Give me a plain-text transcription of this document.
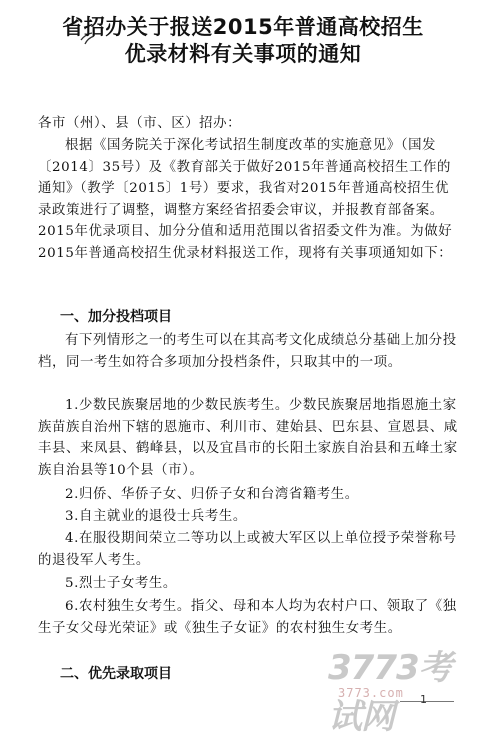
省招办关于报送2015年普通高校招生
优录材料有关事项的通知
各市（州）、县（市、区）招办：
根据《国务院关于深化考试招生制度改革的实施意见》（国发〔2014〕35号）及《教育部关于做好2015年普通高校招生工作的通知》（教学〔2015〕1号）要求，我省对2015年普通高校招生优录政策进行了调整，调整方案经省招委会审议，并报教育部备案。2015年优录项目、加分分值和适用范围以省招委文件为准。为做好2015年普通高校招生优录材料报送工作，现将有关事项通知如下：
一、加分投档项目
有下列情形之一的考生可以在其高考文化成绩总分基础上加分投档，同一考生如符合多项加分投档条件，只取其中的一项。
1.少数民族聚居地的少数民族考生。少数民族聚居地指恩施土家族苗族自治州下辖的恩施市、利川市、建始县、巴东县、宣恩县、咸丰县、来凤县、鹤峰县，以及宜昌市的长阳土家族自治县和五峰土家族自治县等10个县（市）。
2.归侨、华侨子女、归侨子女和台湾省籍考生。
3.自主就业的退役士兵考生。
4.在服役期间荣立二等功以上或被大军区以上单位授予荣誉称号的退役军人考生。
5.烈士子女考生。
6.农村独生女考生。指父、母和本人均为农村户口、领取了《独生子女父母光荣证》或《独生子女证》的农村独生女考生。
二、优先录取项目	3773考试网
3773.com 1
